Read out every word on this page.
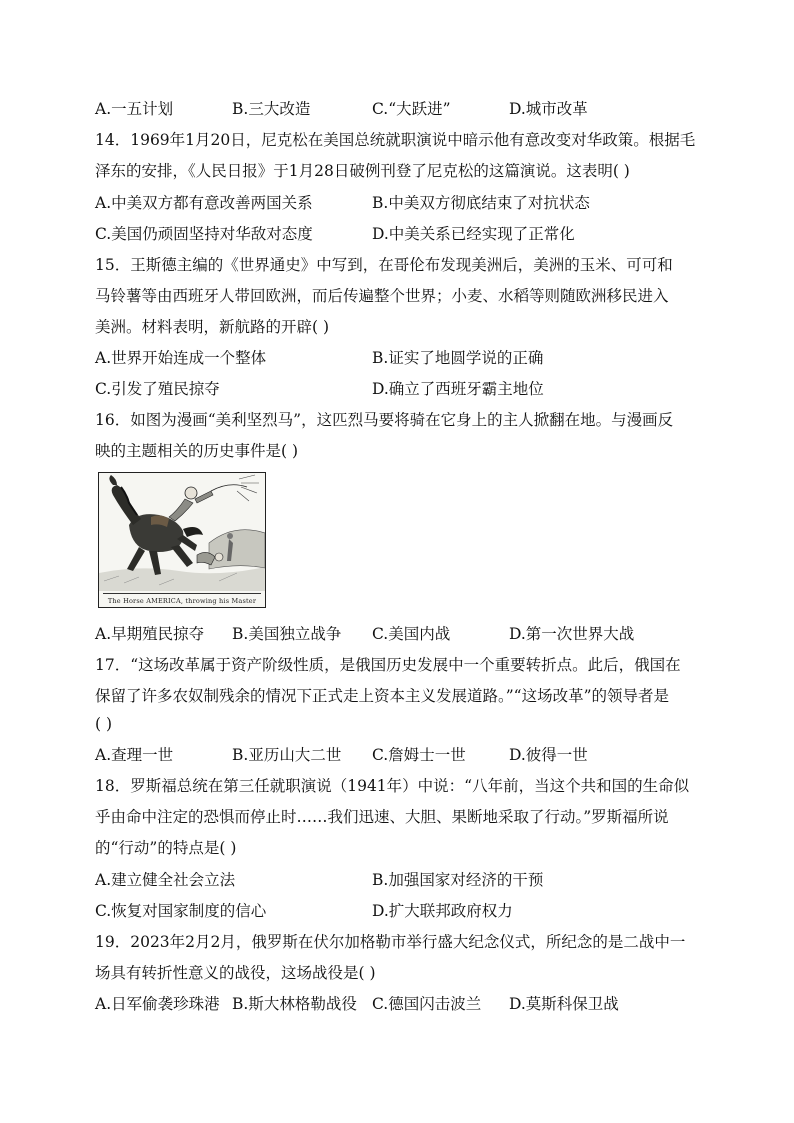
A.一五计划	B.三大改造	C.“大跃进”	D.城市改革
14．1969年1月20日，尼克松在美国总统就职演说中暗示他有意改变对华政策。根据毛
泽东的安排，《人民日报》于1月28日破例刊登了尼克松的这篇演说。这表明( )
A.中美双方都有意改善两国关系	B.中美双方彻底结束了对抗状态
C.美国仍顽固坚持对华敌对态度	D.中美关系已经实现了正常化
15．王斯德主编的《世界通史》中写到，在哥伦布发现美洲后，美洲的玉米、可可和
马铃薯等由西班牙人带回欧洲，而后传遍整个世界；小麦、水稻等则随欧洲移民进入
美洲。材料表明，新航路的开辟( )
A.世界开始连成一个整体	B.证实了地圆学说的正确
C.引发了殖民掠夺	D.确立了西班牙霸主地位
16．如图为漫画“美利坚烈马”，这匹烈马要将骑在它身上的主人掀翻在地。与漫画反
映的主题相关的历史事件是( )
The Horse AMERICA, throwing his Master
A.早期殖民掠夺 B.美国独立战争 C.美国内战	D.第一次世界大战
17．“这场改革属于资产阶级性质，是俄国历史发展中一个重要转折点。此后，俄国在
保留了许多农奴制残余的情况下正式走上资本主义发展道路。”“这场改革”的领导者是
( )
A.查理一世	B.亚历山大二世 C.詹姆士一世	D.彼得一世
18．罗斯福总统在第三任就职演说（1941年）中说：“八年前，当这个共和国的生命似
乎由命中注定的恐惧而停止时……我们迅速、大胆、果断地采取了行动。”罗斯福所说
的“行动”的特点是( )
A.建立健全社会立法	B.加强国家对经济的干预
C.恢复对国家制度的信心	D.扩大联邦政府权力
19．2023年2月2月，俄罗斯在伏尔加格勒市举行盛大纪念仪式，所纪念的是二战中一
场具有转折性意义的战役，这场战役是( )
A.日军偷袭珍珠港 B.斯大林格勒战役 C.德国闪击波兰 D.莫斯科保卫战
